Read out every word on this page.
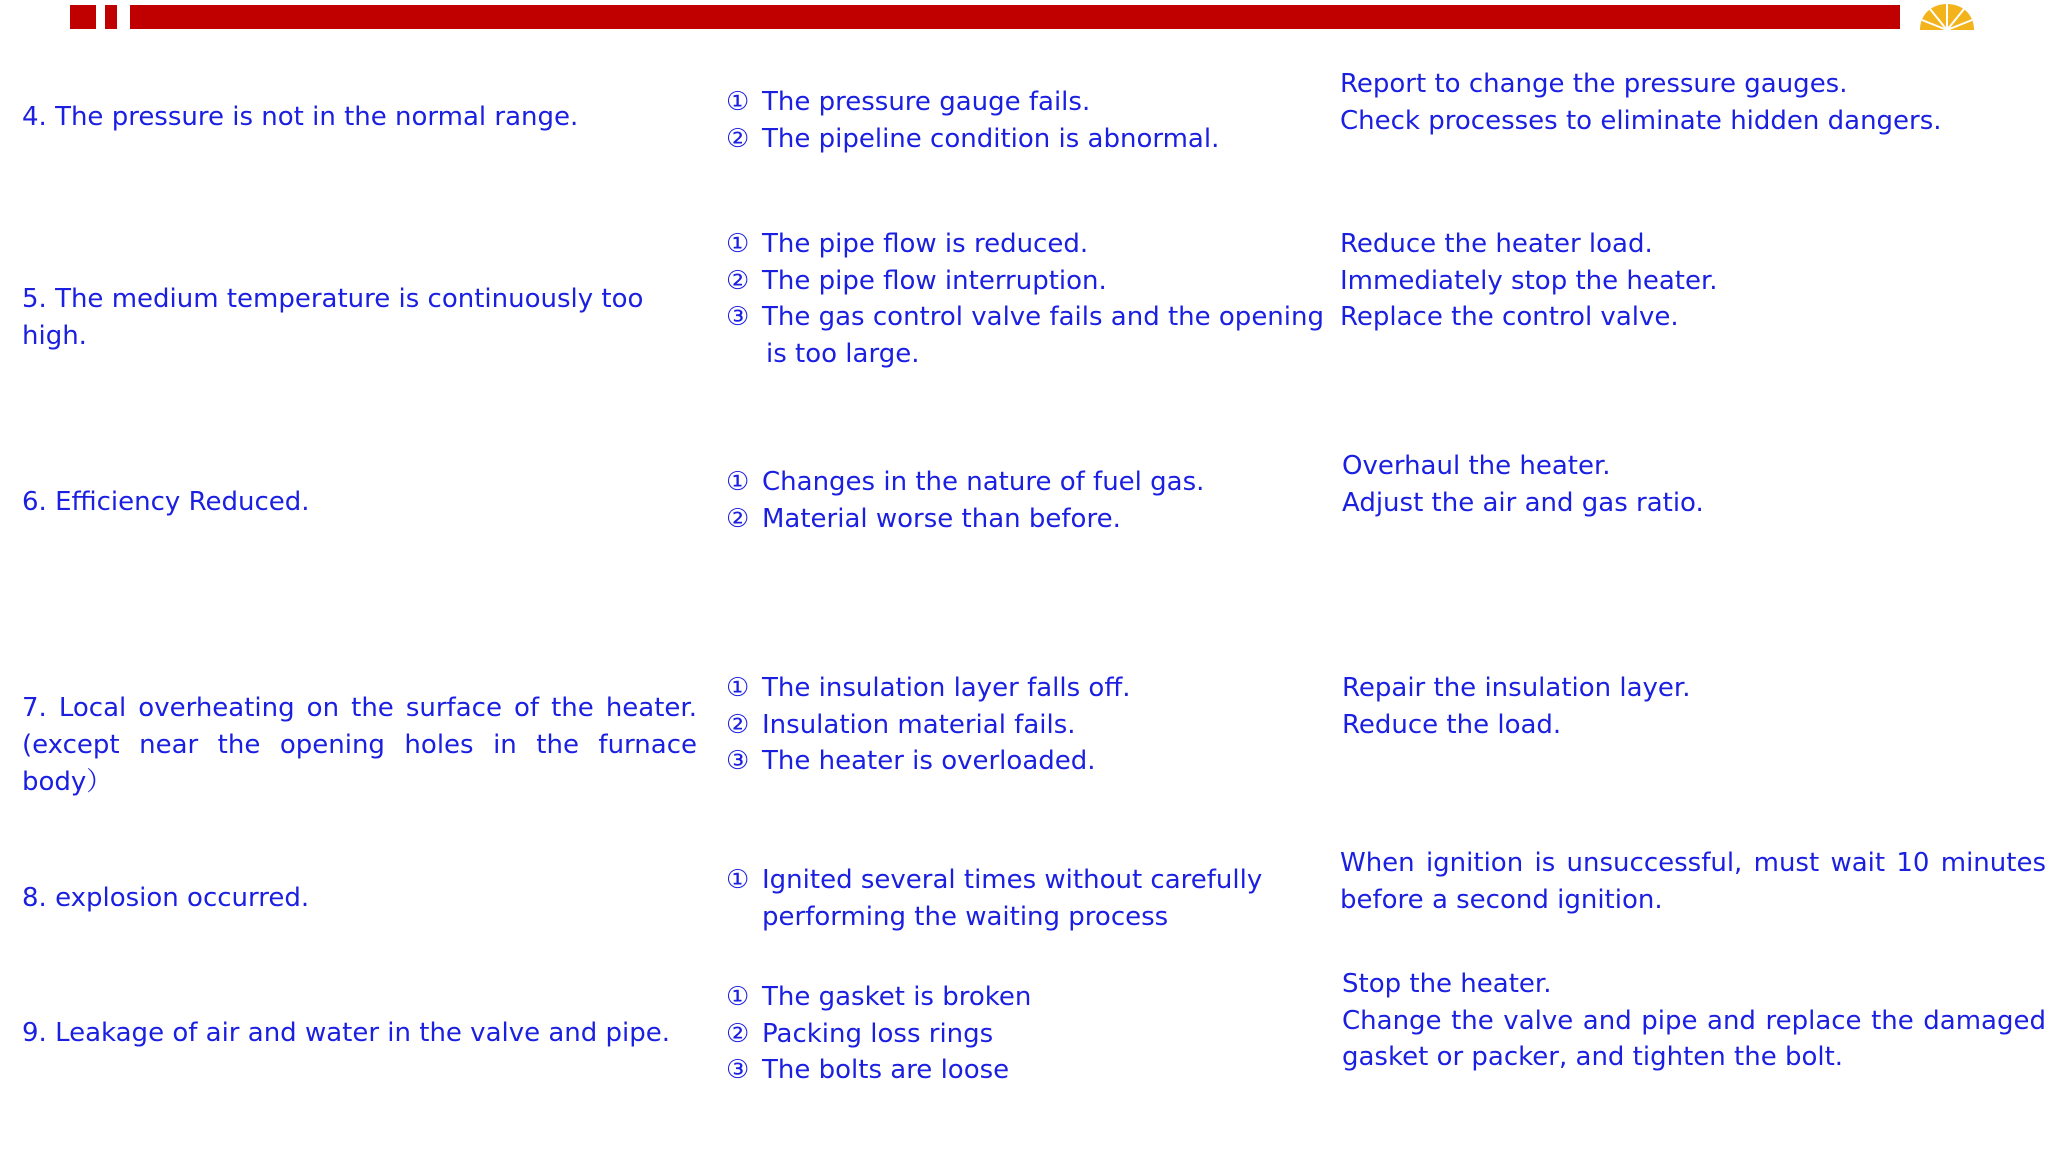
4. The pressure is not in the normal range.	① The pressure gauge fails.
② The pipeline condition is abnormal.
Report to change the pressure gauges.
Check processes to eliminate hidden dangers.
5. The medium temperature is continuously too high.
① The pipe flow is reduced.
② The pipe flow interruption.
③ The gas control valve fails and the opening
is too large.
Reduce the heater load.
Immediately stop the heater.
Replace the control valve.
6. Efficiency Reduced.
① Changes in the nature of fuel gas.
② Material worse than before.
Overhaul the heater.
Adjust the air and gas ratio.
7. Local overheating on the surface of the heater.
(except near the opening holes in the furnace body）
① The insulation layer falls off.
② Insulation material fails.
③ The heater is overloaded.
Repair the insulation layer.
Reduce the load.
8. explosion occurred.
① Ignited several times without carefully
performing the waiting process
When ignition is unsuccessful, must wait 10 minutes before a second ignition.
9. Leakage of air and water in the valve and pipe.
① The gasket is broken
② Packing loss rings
③ The bolts are loose
Stop the heater.
Change the valve and pipe and replace the damaged gasket or packer, and tighten the bolt.
